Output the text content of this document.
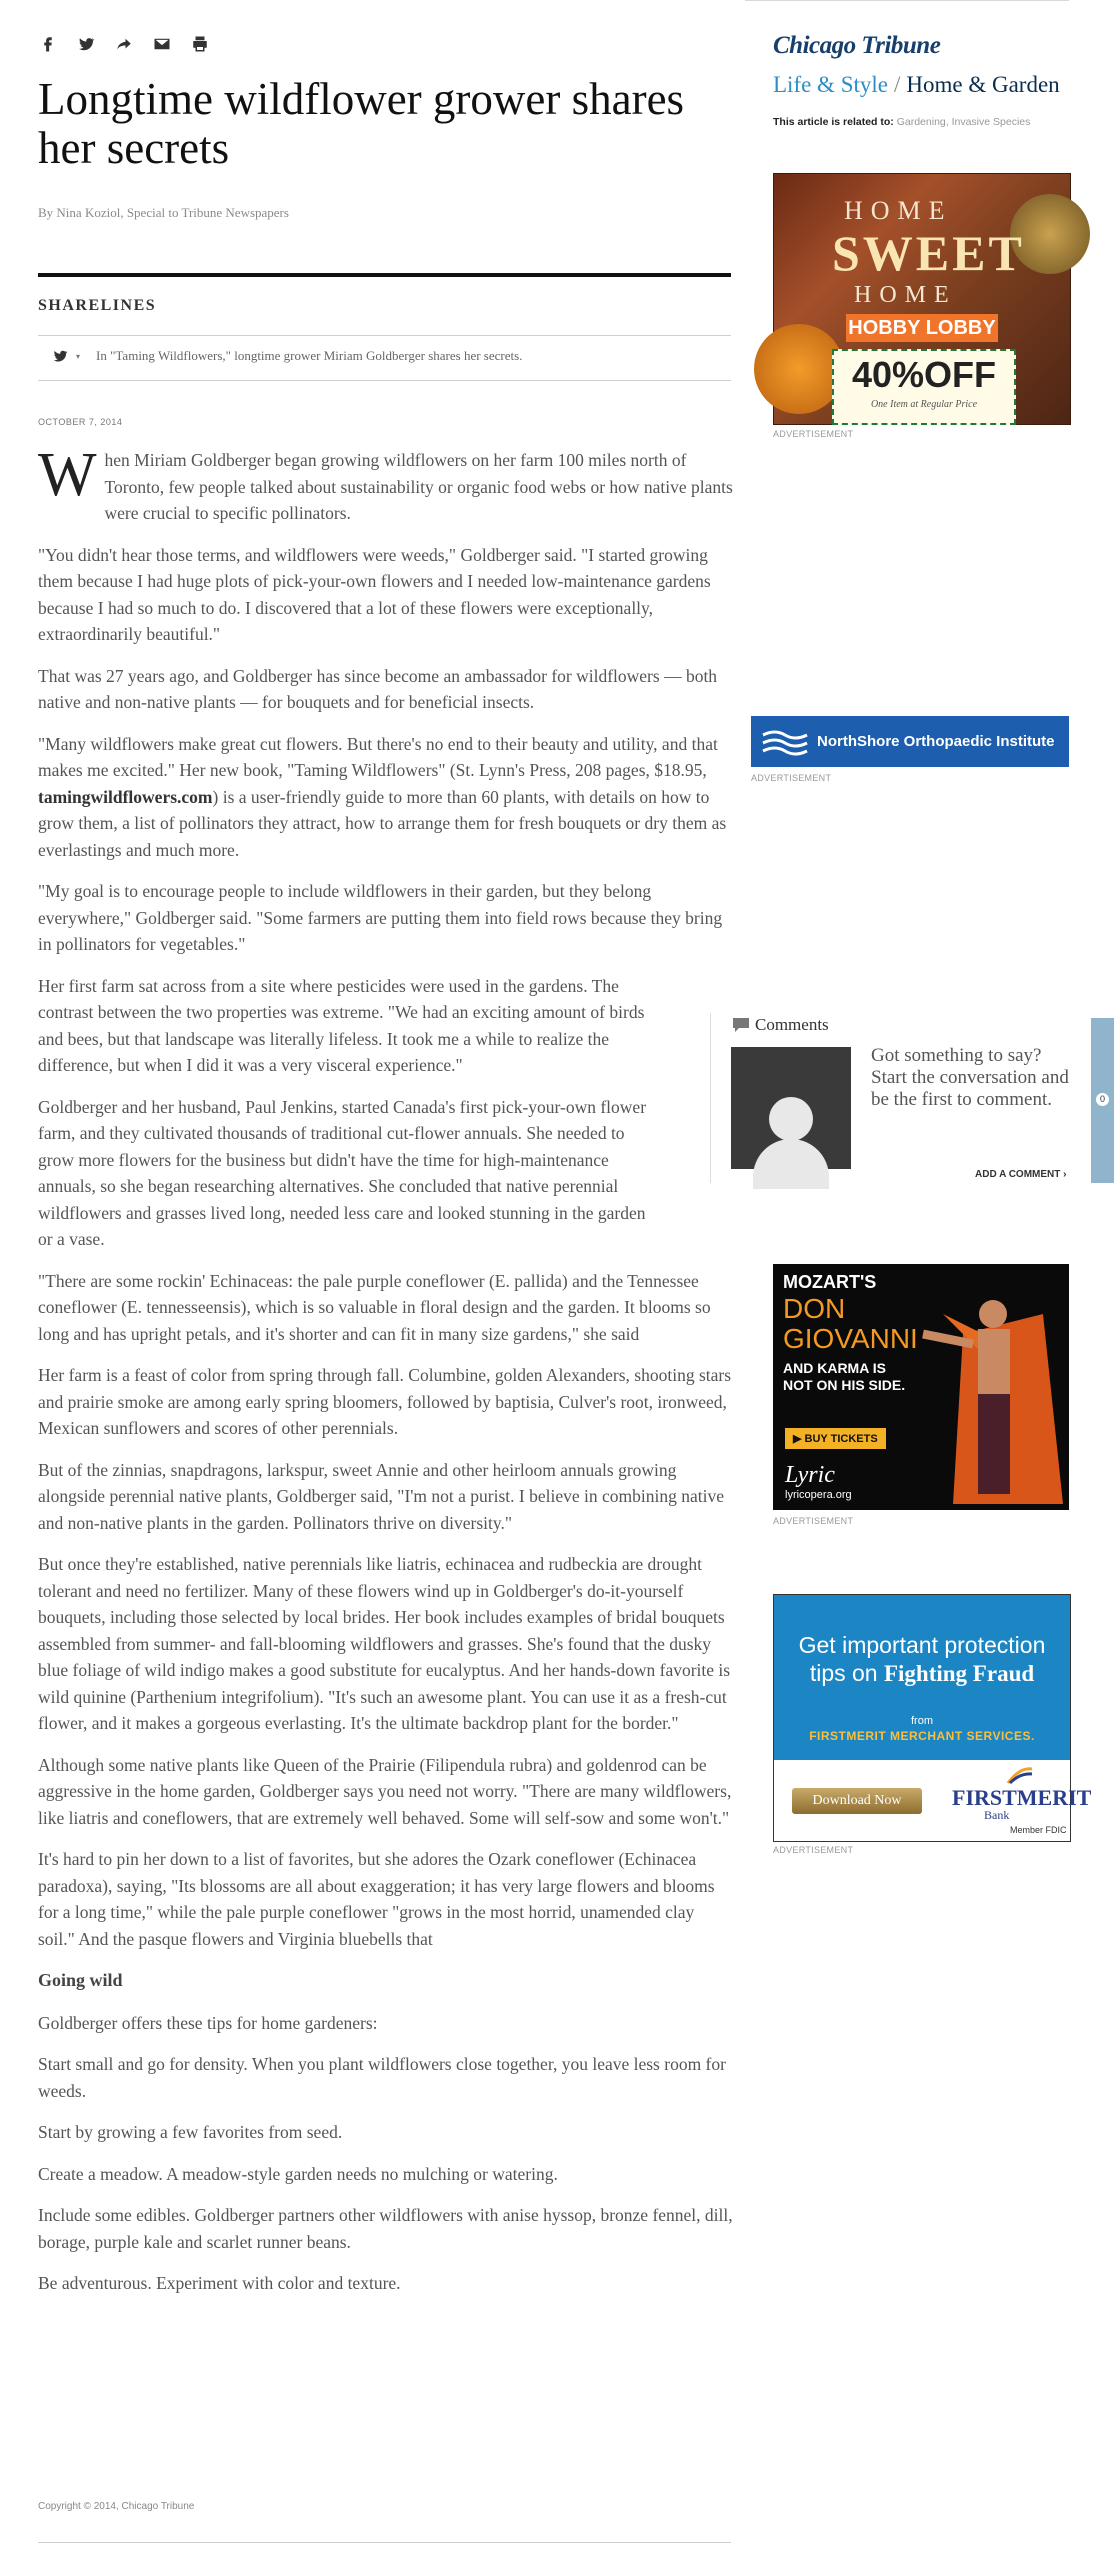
Longtime wildflower grower shares her secrets
By Nina Koziol, Special to Tribune Newspapers
SHARELINES
▾ In "Taming Wildflowers," longtime grower Miriam Goldberger shares her secrets.
OCTOBER 7, 2014

When Miriam Goldberger began growing wildflowers on her farm 100 miles north of Toronto, few people talked about sustainability or organic food webs or how native plants were crucial to specific pollinators.

"You didn't hear those terms, and wildflowers were weeds," Goldberger said. "I started growing them because I had huge plots of pick-your-own flowers and I needed low-maintenance gardens because I had so much to do. I discovered that a lot of these flowers were exceptionally, extraordinarily beautiful."

That was 27 years ago, and Goldberger has since become an ambassador for wildflowers — both native and non-native plants — for bouquets and for beneficial insects.

"Many wildflowers make great cut flowers. But there's no end to their beauty and utility, and that makes me excited." Her new book, "Taming Wildflowers" (St. Lynn's Press, 208 pages, $18.95, tamingwildflowers.com) is a user-friendly guide to more than 60 plants, with details on how to grow them, a list of pollinators they attract, how to arrange them for fresh bouquets or dry them as everlastings and much more.

"My goal is to encourage people to include wildflowers in their garden, but they belong everywhere," Goldberger said. "Some farmers are putting them into field rows because they bring in pollinators for vegetables."

Her first farm sat across from a site where pesticides were used in the gardens. The contrast between the two properties was extreme. "We had an exciting amount of birds and bees, but that landscape was literally lifeless. It took me a while to realize the difference, but when I did it was a very visceral experience."

Goldberger and her husband, Paul Jenkins, started Canada's first pick-your-own flower farm, and they cultivated thousands of traditional cut-flower annuals. She needed to grow more flowers for the business but didn't have the time for high-maintenance annuals, so she began researching alternatives. She concluded that native perennial wildflowers and grasses lived long, needed less care and looked stunning in the garden or a vase.

"There are some rockin' Echinaceas: the pale purple coneflower (E. pallida) and the Tennessee coneflower (E. tennesseensis), which is so valuable in floral design and the garden. It blooms so long and has upright petals, and it's shorter and can fit in many size gardens," she said

Her farm is a feast of color from spring through fall. Columbine, golden Alexanders, shooting stars and prairie smoke are among early spring bloomers, followed by baptisia, Culver's root, ironweed, Mexican sunflowers and scores of other perennials.

But of the zinnias, snapdragons, larkspur, sweet Annie and other heirloom annuals growing alongside perennial native plants, Goldberger said, "I'm not a purist. I believe in combining native and non-native plants in the garden. Pollinators thrive on diversity."

But once they're established, native perennials like liatris, echinacea and rudbeckia are drought tolerant and need no fertilizer. Many of these flowers wind up in Goldberger's do-it-yourself bouquets, including those selected by local brides. Her book includes examples of bridal bouquets assembled from summer- and fall-blooming wildflowers and grasses. She's found that the dusky blue foliage of wild indigo makes a good substitute for eucalyptus. And her hands-down favorite is wild quinine (Parthenium integrifolium). "It's such an awesome plant. You can use it as a fresh-cut flower, and it makes a gorgeous everlasting. It's the ultimate backdrop plant for the border."

Although some native plants like Queen of the Prairie (Filipendula rubra) and goldenrod can be aggressive in the home garden, Goldberger says you need not worry. "There are many wildflowers, like liatris and coneflowers, that are extremely well behaved. Some will self-sow and some won't."

It's hard to pin her down to a list of favorites, but she adores the Ozark coneflower (Echinacea paradoxa), saying, "Its blossoms are all about exaggeration; it has very large flowers and blooms for a long time," while the pale purple coneflower "grows in the most horrid, unamended clay soil." And the pasque flowers and Virginia bluebells that

Going wild

Goldberger offers these tips for home gardeners:

Start small and go for density. When you plant wildflowers close together, you leave less room for weeds.

Start by growing a few favorites from seed.

Create a meadow. A meadow-style garden needs no mulching or watering.

Include some edibles. Goldberger partners other wildflowers with anise hyssop, bronze fennel, dill, borage, purple kale and scarlet runner beans.

Be adventurous. Experiment with color and texture.

Copyright © 2014, Chicago Tribune
Chicago Tribune
Life & Style / Home & Garden
This article is related to: Gardening, Invasive Species
HOME
SWEET
HOME
HOBBY LOBBY
40%OFF
One Item at Regular Price
ADVERTISEMENT
NorthShore Orthopaedic Institute
ADVERTISEMENT
Comments
Got something to say? Start the conversation and be the first to comment.
ADD A COMMENT ›
0
MOZART'S
DON
GIOVANNI
AND KARMA IS
NOT ON HIS SIDE.
▶ BUY TICKETS
Lyric
lyricopera.org
ADVERTISEMENT
Get important protection
tips on Fighting Fraud
from
FIRSTMERIT MERCHANT SERVICES.
Download Now	FIRSTMERIT
Bank
Member FDIC
ADVERTISEMENT
